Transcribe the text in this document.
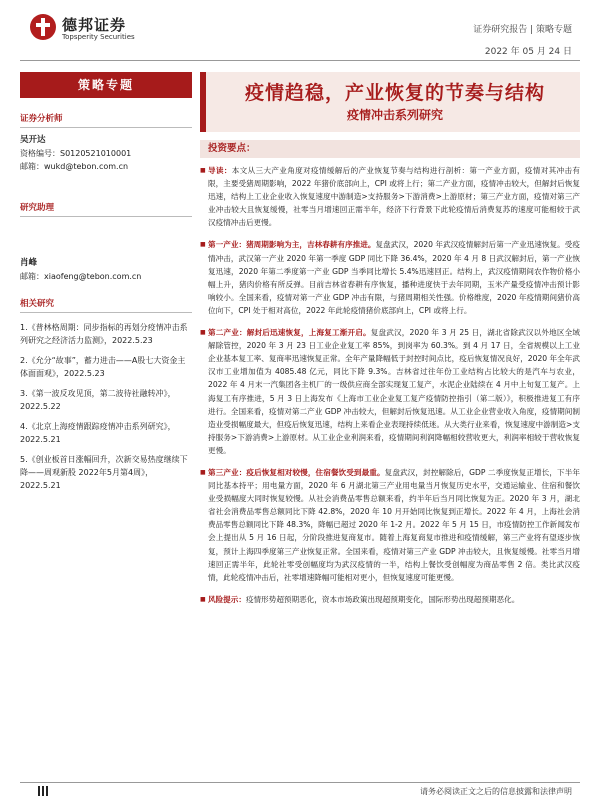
德邦证券
Topsperity Securities
证券研究报告 | 策略专题
2022 年 05 月 24 日
策略专题
证券分析师
吴开达
资格编号：S0120521010001
邮箱：wukd@tebon.com.cn
研究助理
肖峰
邮箱：xiaofeng@tebon.com.cn
相关研究
1.《普林格周期：同步指标的再划分疫情冲击系列研究之经济活力监测》，2022.5.23
2.《允分“故事”，蓄力进击——A股七大资金主体面面观》，2022.5.23
3.《第一波反攻见顶，第二波待社融转冲》，2022.5.22
4.《北京上海疫情跟踪疫情冲击系列研究》，2022.5.21
5.《创业板首日涨幅回升，次新交易热度继续下降——周观新股 2022年5月第4周》，2022.5.21
疫情趋稳，产业恢复的节奏与结构
疫情冲击系列研究
投资要点：

■ 导读：本文从三大产业角度对疫情缓解后的产业恢复节奏与结构进行剖析：第一产业方面，疫情对其冲击有限，主要受猪周期影响，2022 年猪价底部向上，CPI 或将上行；第二产业方面，疫情冲击较大，但解封后恢复迅速，结构上工业企业收入恢复速度中游制造>支持服务>下游消费>上游原材；第三产业方面，疫情对第三产业冲击较大且恢复缓慢，社零当月增速回正需半年，经济下行背景下此轮疫情后消费复苏的速度可能相较于武汉疫情冲击后更慢。

■ 第一产业：猪周期影响为主，吉林春耕有序推进。复盘武汉，2020 年武汉疫情解封后第一产业迅速恢复。受疫情冲击，武汉第一产业 2020 年第一季度 GDP 同比下降 36.4%，2020 年 4 月 8 日武汉解封后，第一产业恢复迅速，2020 年第二季度第一产业 GDP 当季同比增长 5.4%迅速回正。结构上，武汉疫情期间农作物价格小幅上升，猪肉价格有所反弹。目前吉林省春耕有序恢复，播种进度快于去年同期，玉米产量受疫情冲击预计影响较小。全国来看，疫情对第一产业 GDP 冲击有限，与猪周期相关性强。价格维度，2020 年疫情期间猪价高位向下，CPI 处于相对高位，2022 年此轮疫情猪价底部向上，CPI 或将上行。

■ 第二产业：解封后迅速恢复，上海复工渐开启。复盘武汉，2020 年 3 月 25 日，湖北省除武汉以外地区全域解除管控，2020 年 3 月 23 日工业企业复工率 85%，到岗率为 60.3%。到 4 月 17 日，全省规模以上工业企业基本复工率、复商率迅速恢复正常。全年产量降幅低于封控时间点比，疫后恢复情况良好，2020 年全年武汉市工业增加值为 4085.48 亿元，同比下降 9.3%。吉林省过往年份工业结构占比较大的是汽车与农业，2022 年 4 月末一汽集团各主机厂的一级供应商全部实现复工复产，水泥企业陆续在 4 月中上旬复工复产。上海复工有序推进，5 月 3 日上海发布《上海市工业企业复工复产疫情防控指引（第二版）》，积极推进复工有序进行。全国来看，疫情对第二产业 GDP 冲击较大，但解封后恢复迅速。从工业企业营业收入角度，疫情期间制造业受损幅度最大，但疫后恢复迅速，结构上来看企业表现持续低迷。从大类行业来看，恢复速度中游制造>支持服务>下游消费>上游原材。从工业企业利润来看，疫情期间利润降幅相较营收更大，利润率相较于营收恢复更慢。

■ 第三产业：疫后恢复相对较慢，住宿餐饮受到最重。复盘武汉，封控解除后，GDP 二季度恢复正增长，下半年同比基本持平；用电量方面，2020 年 6 月湖北第三产业用电量当月恢复历史水平，交通运输业、住宿和餐饮业受损幅度大同时恢复较慢。从社会消费品零售总额来看，约半年后当月同比恢复为正。2020 年 3 月，湖北省社会消费品零售总额同比下降 42.8%，2020 年 10 月开始同比恢复到正增长。2022 年 4 月，上海社会消费品零售总额同比下降 48.3%，降幅已超过 2020 年 1-2 月。2022 年 5 月 15 日，市疫情防控工作新闻发布会上提出从 5 月 16 日起，分阶段推进复商复市。随着上海复商复市推进和疫情缓解，第三产业将有望逐步恢复，预计上海四季度第三产业恢复正常。全国来看，疫情对第三产业 GDP 冲击较大，且恢复缓慢。社零当月增速回正需半年，此轮社零受创幅度均为武汉疫情的一半，结构上餐饮受创幅度为商品零售 2 倍。类比武汉疫情，此轮疫情冲击后，社零增速降幅可能相对更小，但恢复速度可能更慢。

■ 风险提示：疫情形势超预期恶化，资本市场政策出现超预期变化，国际形势出现超预期恶化。

请务必阅读正文之后的信息披露和法律声明
